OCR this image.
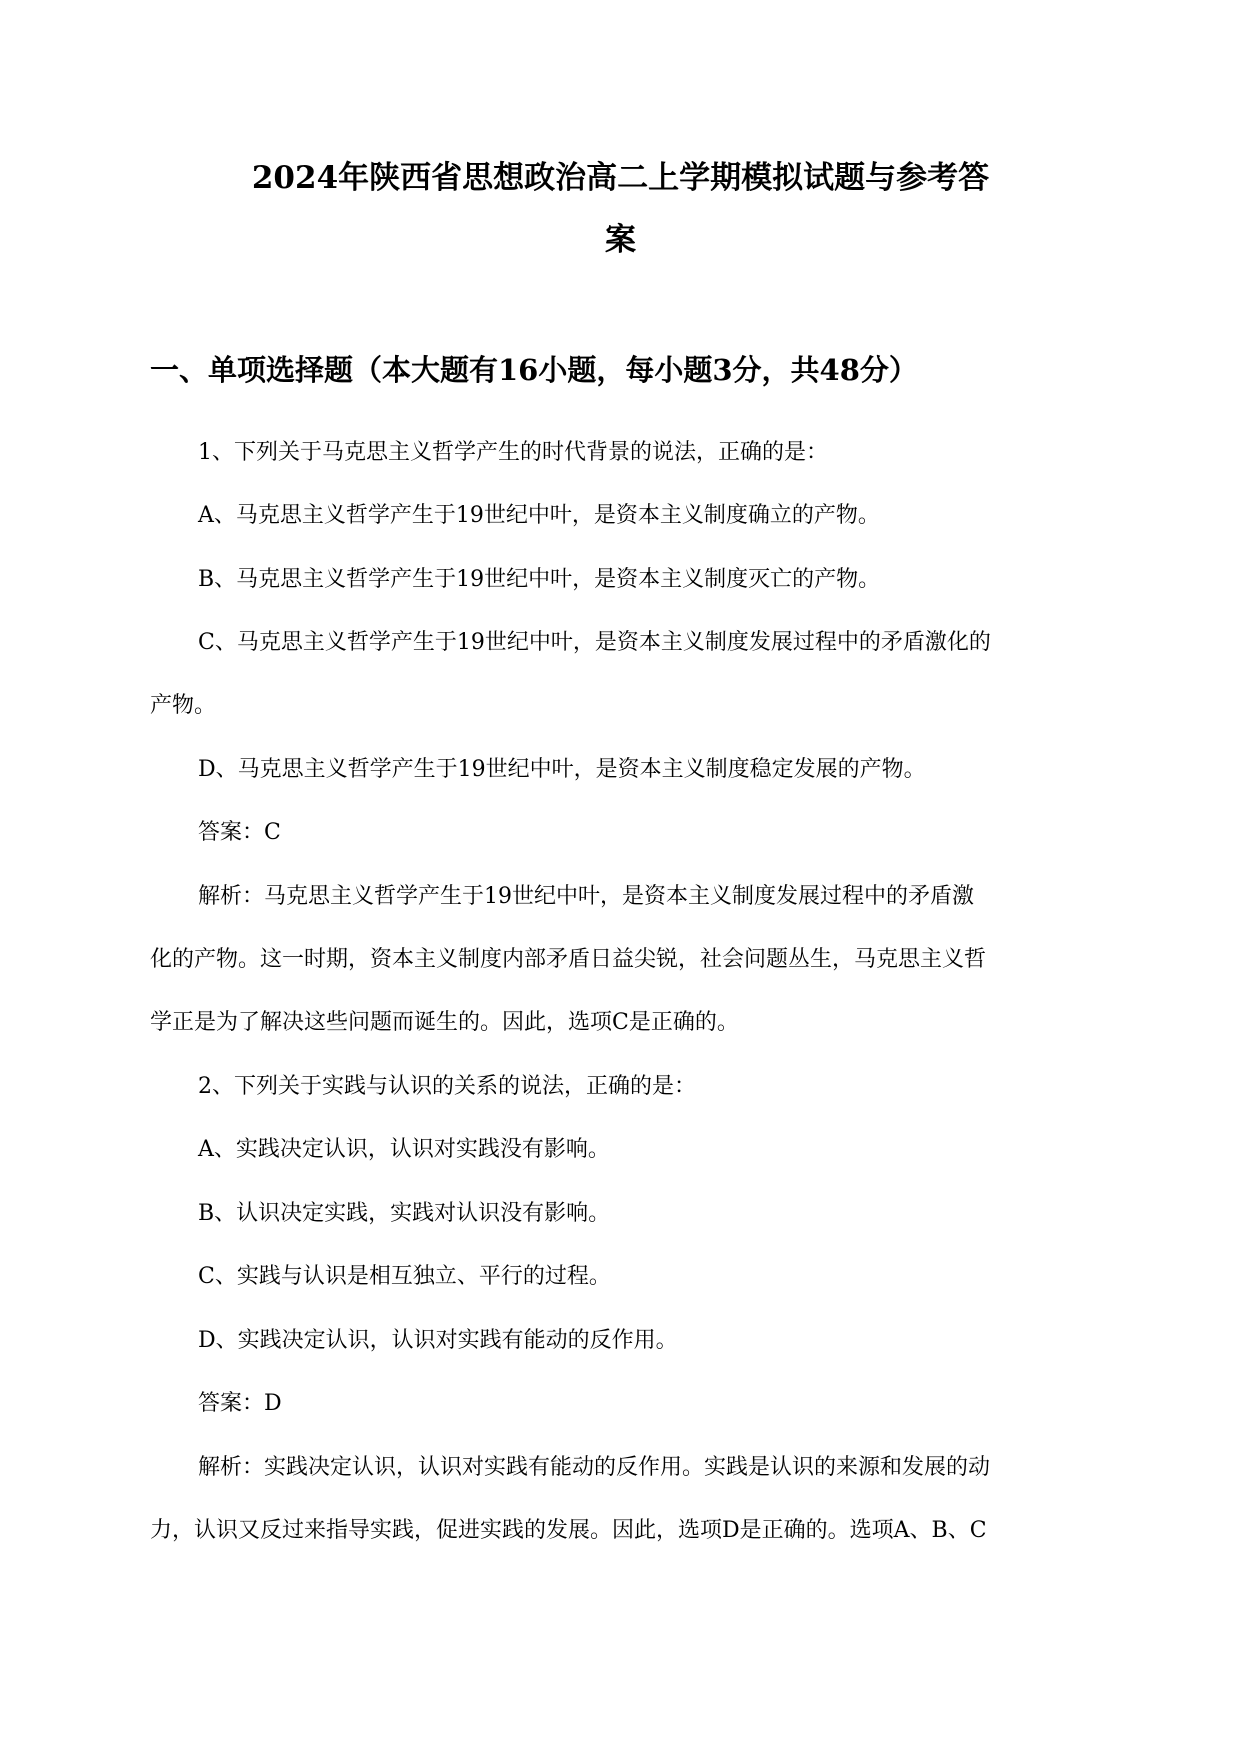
2024年陕西省思想政治高二上学期模拟试题与参考答
案
一、单项选择题（本大题有16小题，每小题3分，共48分）
1、下列关于马克思主义哲学产生的时代背景的说法，正确的是：
A、马克思主义哲学产生于19世纪中叶，是资本主义制度确立的产物。
B、马克思主义哲学产生于19世纪中叶，是资本主义制度灭亡的产物。
C、马克思主义哲学产生于19世纪中叶，是资本主义制度发展过程中的矛盾激化的
产物。
D、马克思主义哲学产生于19世纪中叶，是资本主义制度稳定发展的产物。
答案：C
解析：马克思主义哲学产生于19世纪中叶，是资本主义制度发展过程中的矛盾激
化的产物。这一时期，资本主义制度内部矛盾日益尖锐，社会问题丛生，马克思主义哲
学正是为了解决这些问题而诞生的。因此，选项C是正确的。
2、下列关于实践与认识的关系的说法，正确的是：
A、实践决定认识，认识对实践没有影响。
B、认识决定实践，实践对认识没有影响。
C、实践与认识是相互独立、平行的过程。
D、实践决定认识，认识对实践有能动的反作用。
答案：D
解析：实践决定认识，认识对实践有能动的反作用。实践是认识的来源和发展的动
力，认识又反过来指导实践，促进实践的发展。因此，选项D是正确的。选项A、B、C
